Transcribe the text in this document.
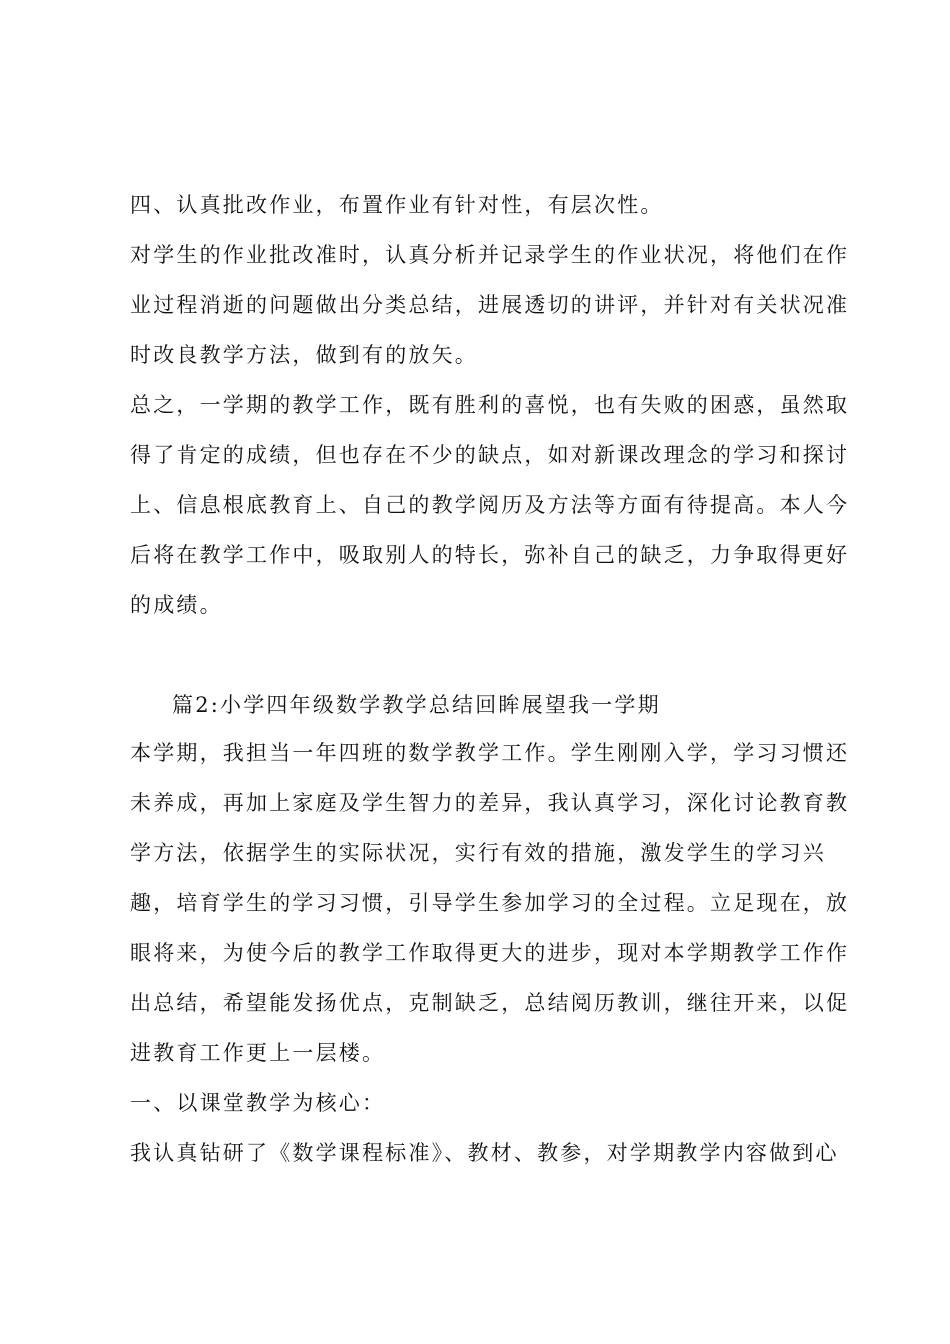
四、认真批改作业，布置作业有针对性，有层次性。
对学生的作业批改准时，认真分析并记录学生的作业状况，将他们在作
业过程消逝的问题做出分类总结，进展透切的讲评，并针对有关状况准
时改良教学方法，做到有的放矢。
总之，一学期的教学工作，既有胜利的喜悦，也有失败的困惑，虽然取
得了肯定的成绩，但也存在不少的缺点，如对新课改理念的学习和探讨
上、信息根底教育上、自己的教学阅历及方法等方面有待提高。本人今
后将在教学工作中，吸取别人的特长，弥补自己的缺乏，力争取得更好
的成绩。
篇2:小学四年级数学教学总结回眸展望我一学期
本学期，我担当一年四班的数学教学工作。学生刚刚入学，学习习惯还
未养成，再加上家庭及学生智力的差异，我认真学习，深化讨论教育教
学方法，依据学生的实际状况，实行有效的措施，激发学生的学习兴
趣，培育学生的学习习惯，引导学生参加学习的全过程。立足现在，放
眼将来，为使今后的教学工作取得更大的进步，现对本学期教学工作作
出总结，希望能发扬优点，克制缺乏，总结阅历教训，继往开来，以促
进教育工作更上一层楼。
一、以课堂教学为核心：
我认真钻研了《数学课程标准》、教材、教参，对学期教学内容做到心
